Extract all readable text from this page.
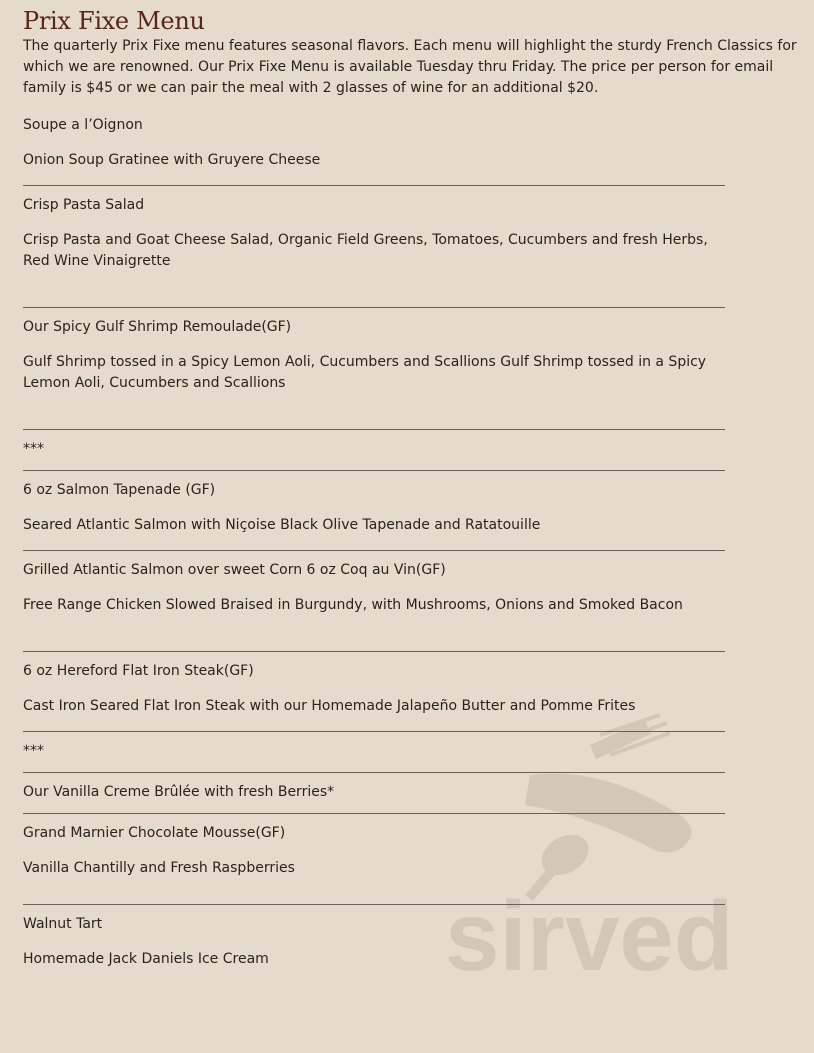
sirved
Prix Fixe Menu

The quarterly Prix Fixe menu features seasonal flavors. Each menu will highlight the sturdy French Classics for which we are renowned. Our Prix Fixe Menu is available Tuesday thru Friday. The price per person for email family is $45 or we can pair the meal with 2 glasses of wine for an additional $20.

Soupe a l’Oignon

Onion Soup Gratinee with Gruyere Cheese

Crisp Pasta Salad

Crisp Pasta and Goat Cheese Salad, Organic Field Greens, Tomatoes, Cucumbers and fresh Herbs, Red Wine Vinaigrette

Our Spicy Gulf Shrimp Remoulade(GF)

Gulf Shrimp tossed in a Spicy Lemon Aoli, Cucumbers and Scallions Gulf Shrimp tossed in a Spicy Lemon Aoli, Cucumbers and Scallions

***

6 oz Salmon Tapenade (GF)

Seared Atlantic Salmon with Niçoise Black Olive Tapenade and Ratatouille

Grilled Atlantic Salmon over sweet Corn 6 oz Coq au Vin(GF)

Free Range Chicken Slowed Braised in Burgundy, with Mushrooms, Onions and Smoked Bacon

6 oz Hereford Flat Iron Steak(GF)

Cast Iron Seared Flat Iron Steak with our Homemade Jalapeño Butter and Pomme Frites

***

Our Vanilla Creme Brûlée with fresh Berries*

Grand Marnier Chocolate Mousse(GF)

Vanilla Chantilly and Fresh Raspberries

Walnut Tart

Homemade Jack Daniels Ice Cream
